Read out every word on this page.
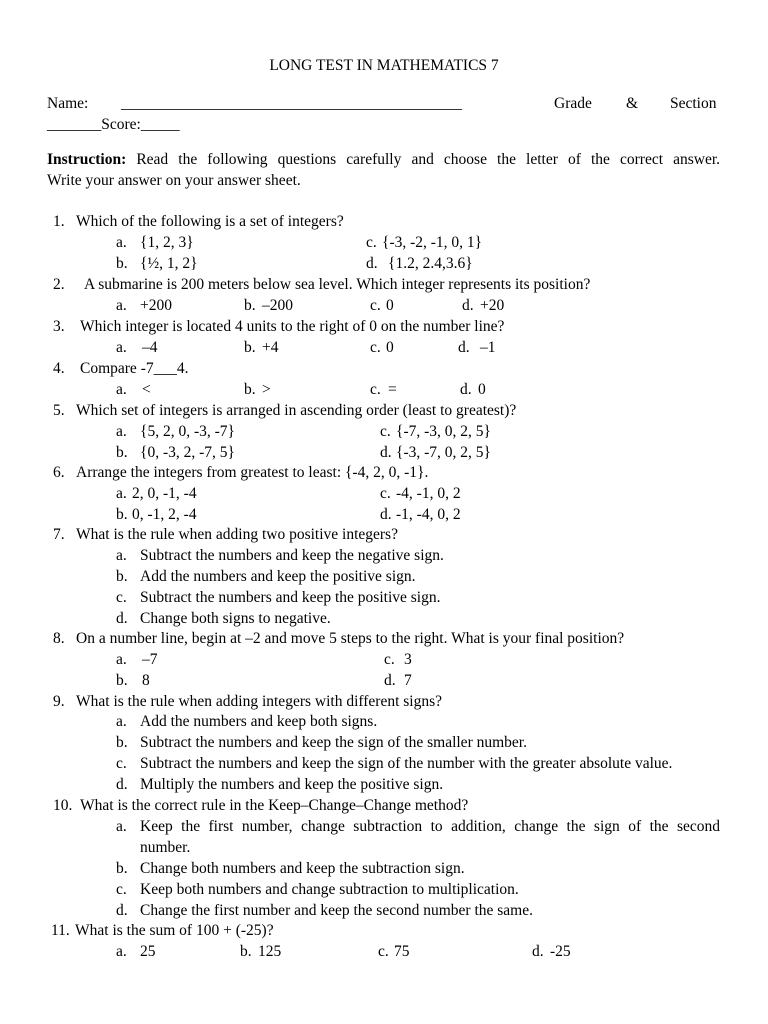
LONG TEST IN MATHEMATICS 7
Name: ____________________________________________	Grade & Section
_______Score:_____
Instruction: Read the following questions carefully and choose the letter of the correct answer.
Write your answer on your answer sheet.
1. Which of the following is a set of integers?
a. {1, 2, 3}	c. {-3, -2, -1, 0, 1}
b. {½, 1, 2}	d. {1.2, 2.4,3.6}
2. A submarine is 200 meters below sea level. Which integer represents its position?
a. +200	b. –200	c. 0	d. +20
3. Which integer is located 4 units to the right of 0 on the number line?
a. –4	b. +4	c. 0	d. –1
4. Compare -7___4.
a. <	b. >	c. =	d. 0
5. Which set of integers is arranged in ascending order (least to greatest)?
a. {5, 2, 0, -3, -7}	c. {-7, -3, 0, 2, 5}
b. {0, -3, 2, -7, 5}	d. {-3, -7, 0, 2, 5}
6. Arrange the integers from greatest to least: {-4, 2, 0, -1}.
a. 2, 0, -1, -4	c. -4, -1, 0, 2
b. 0, -1, 2, -4	d. -1, -4, 0, 2
7. What is the rule when adding two positive integers?
a. Subtract the numbers and keep the negative sign.
b. Add the numbers and keep the positive sign.
c. Subtract the numbers and keep the positive sign.
d. Change both signs to negative.
8. On a number line, begin at –2 and move 5 steps to the right. What is your final position?
a. –7	c. 3
b. 8	d. 7
9. What is the rule when adding integers with different signs?
a. Add the numbers and keep both signs.
b. Subtract the numbers and keep the sign of the smaller number.
c. Subtract the numbers and keep the sign of the number with the greater absolute value.
d. Multiply the numbers and keep the positive sign.
10. What is the correct rule in the Keep–Change–Change method?
a. Keep the first number, change subtraction to addition, change the sign of the second
number.
b. Change both numbers and keep the subtraction sign.
c. Keep both numbers and change subtraction to multiplication.
d. Change the first number and keep the second number the same.
11. What is the sum of 100 + (-25)?
a. 25	b. 125	c. 75	d. -25
